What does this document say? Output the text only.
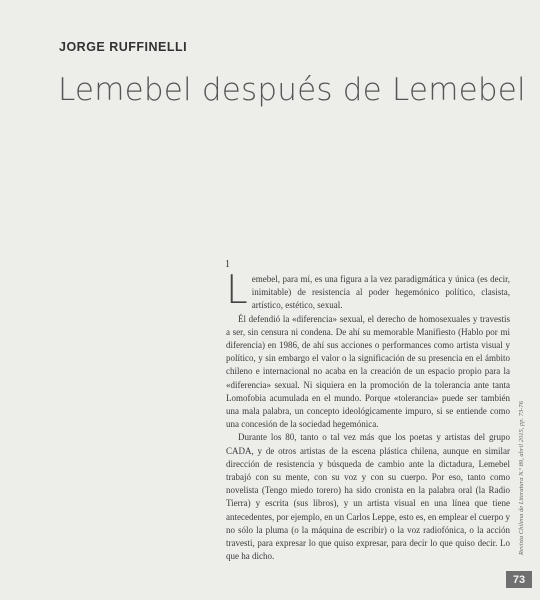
JORGE RUFFINELLI
Lemebel después de Lemebel
1

Lemebel, para mí, es una figura a la vez paradigmática y única (es decir, inimitable) de resistencia al poder hegemónico político, clasista, artístico, estético, sexual.

Él defendió la «diferencia» sexual, el derecho de homosexuales y travestis a ser, sin censura ni condena. De ahí su memorable Manifiesto (Hablo por mi diferencia) en 1986, de ahí sus acciones o performances como artista visual y político, y sin embargo el valor o la significación de su presencia en el ámbito chileno e internacional no acaba en la creación de un espacio propio para la «diferencia» sexual. Ni siquiera en la promoción de la tolerancia ante tanta Lomofobia acumulada en el mundo. Porque «tolerancia» puede ser también una mala palabra, un concepto ideológicamente impuro, si se entiende como una concesión de la sociedad hegemónica.

Durante los 80, tanto o tal vez más que los poetas y artistas del grupo CADA, y de otros artistas de la escena plástica chilena, aunque en similar dirección de resistencia y búsqueda de cambio ante la dictadura, Lemebel trabajó con su mente, con su voz y con su cuerpo. Por eso, tanto como novelista (Tengo miedo torero) ha sido cronista en la palabra oral (la Radio Tierra) y escrita (sus libros), y un artista visual en una línea que tiene antecedentes, por ejemplo, en un Carlos Leppe, esto es, en emplear el cuerpo y no sólo la pluma (o la máquina de escribir) o la voz radiofónica, o la acción travesti, para expresar lo que quiso expresar, para decir lo que quiso decir. Lo que ha dicho.

Revista Chilena de Literatura N.º 89, abril 2015, pp. 73-76
73
